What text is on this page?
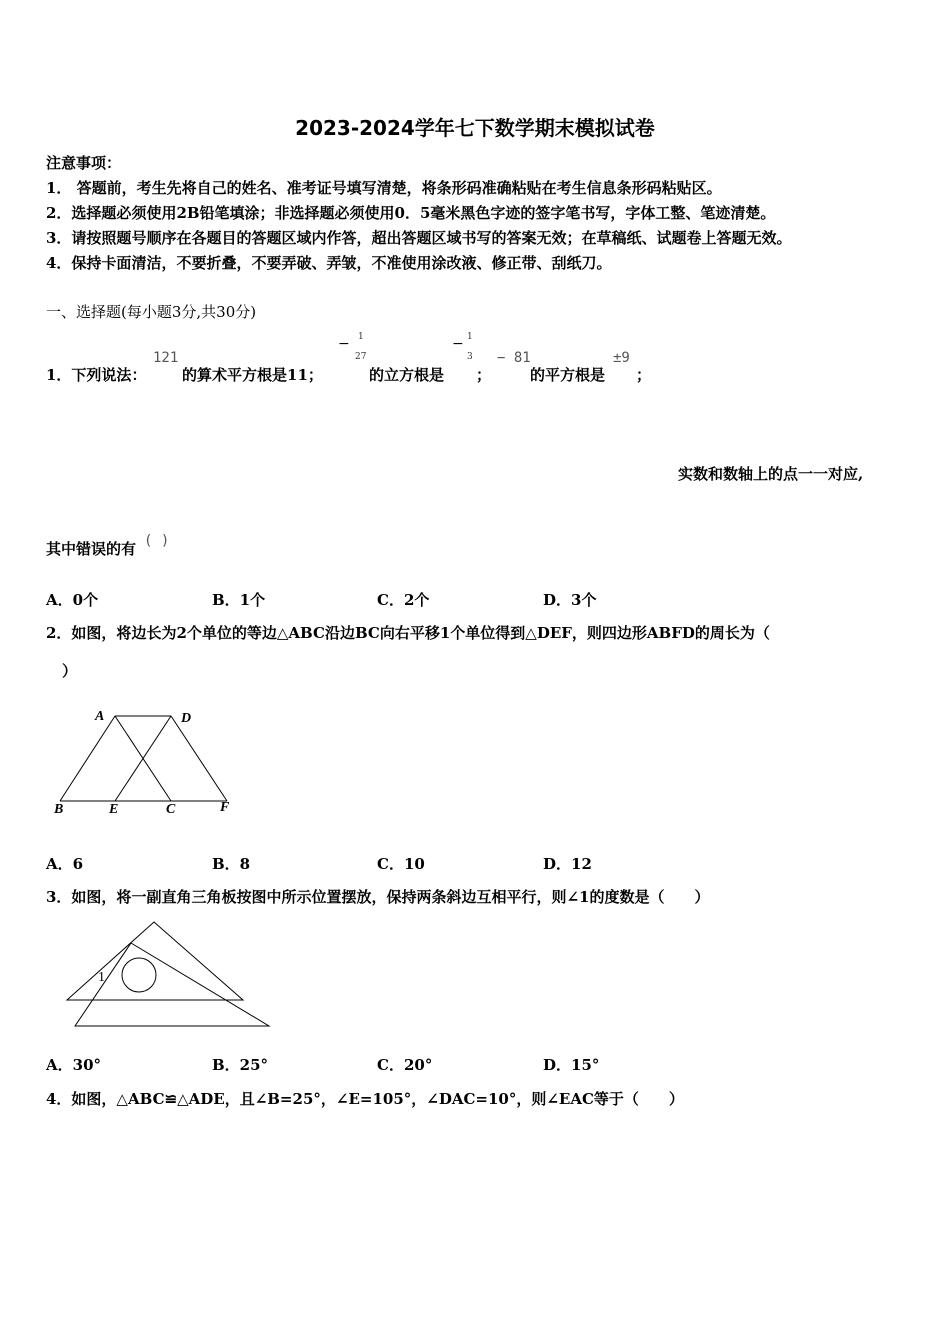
2023-2024学年七下数学期末模拟试卷
注意事项：
1． 答题前，考生先将自己的姓名、准考证号填写清楚，将条形码准确粘贴在考生信息条形码粘贴区。
2．选择题必须使用2B铅笔填涂；非选择题必须使用0．5毫米黑色字迹的签字笔书写，字体工整、笔迹清楚。
3．请按照题号顺序在各题目的答题区域内作答，超出答题区域书写的答案无效；在草稿纸、试题卷上答题无效。
4．保持卡面清洁，不要折叠，不要弄破、弄皱，不准使用涂改液、修正带、刮纸刀。
一、选择题(每小题3分,共30分)
1．下列说法：
121
的算术平方根是11；
− 1
27
的立方根是
− 1
3
；
− 81
的平方根是
±9
；
实数和数轴上的点一一对应,
其中错误的有 ( )
A．0个	B．1个	C．2个	D．3个
2．如图，将边长为2个单位的等边△ABC沿边BC向右平移1个单位得到△DEF，则四边形ABFD的周长为（
）
A	D
B	E	C	F
1
A．6	B．8	C．10	D．12
3．如图，将一副直角三角板按图中所示位置摆放，保持两条斜边互相平行，则∠1的度数是（　　）
A．30°	B．25°	C．20°	D．15°
4．如图，△ABC≌△ADE，且∠B=25°，∠E=105°，∠DAC=10°，则∠EAC等于（　　）
